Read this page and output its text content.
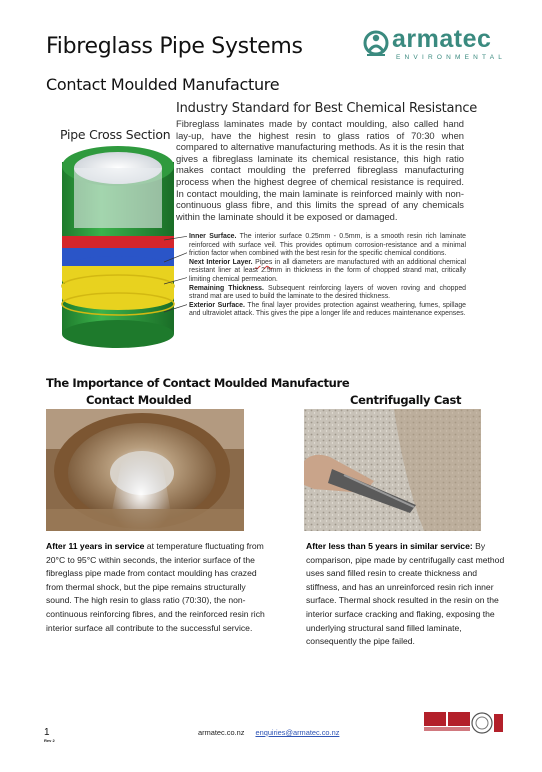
Fibreglass Pipe Systems	armatec
ENVIRONMENTAL
Contact Moulded Manufacture
Industry Standard for Best Chemical Resistance
Fibreglass laminates made by contact moulding, also called hand lay-up, have the highest resin to glass ratios of 70:30 when compared to alternative manufacturing methods. As it is the resin that gives a fibreglass laminate its chemical resistance, this high ratio makes contact moulding the preferred fibreglass manufacturing process when the highest degree of chemical resistance is required. In contact moulding, the main laminate is reinforced mainly with non-continuous glass fibre, and this limits the spread of any chemicals within the laminate should it be exposed or damaged.
Pipe Cross Section
Inner Surface. The interior surface 0.25mm - 0.5mm, is a smooth resin rich laminate reinforced with surface veil. This provides optimum corrosion-resistance and a minimal friction factor when combined with the best resin for the specific chemical conditions.
Next Interior Layer. Pipes in all diameters are manufactured with an additional chemical resistant liner at least 2.5mm in thickness in the form of chopped strand mat, critically limiting chemical permeation.
Remaining Thickness. Subsequent reinforcing layers of woven roving and chopped strand mat are used to build the laminate to the desired thickness.
Exterior Surface. The final layer provides protection against weathering, fumes, spillage and ultraviolet attack. This gives the pipe a longer life and reduces maintenance expenses.
The Importance of Contact Moulded Manufacture
Contact Moulded	Centrifugally Cast
After 11 years in service at temperature fluctuating from 20°C to 95°C within seconds, the interior surface of the fibreglass pipe made from contact moulding has crazed from thermal shock, but the pipe remains structurally sound. The high resin to glass ratio (70:30), the non-continuous reinforcing fibres, and the reinforced resin rich interior surface all contribute to the successful service.
After less than 5 years in similar service: By comparison, pipe made by centrifugally cast method uses sand filled resin to create thickness and stiffness, and has an unreinforced resin rich inner surface. Thermal shock resulted in the resin on the interior surface cracking and flaking, exposing the underlying structural sand filled laminate, consequently the pipe failed.
1
Rev 2
armatec.co.nz enquiries@armatec.co.nz
